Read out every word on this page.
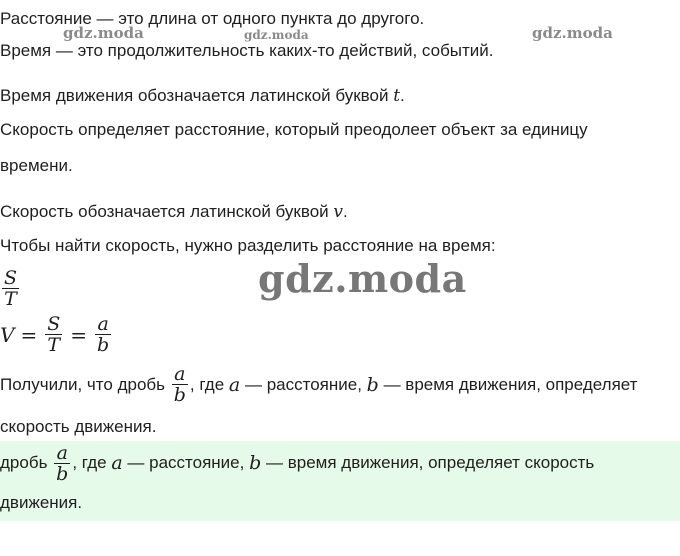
gdz.moda	gdz.moda	gdz.moda
gdz.moda
Расстояние — это длина от одного пункта до другого.
Время — это продолжительность каких-то действий, событий.
Время движения обозначается латинской буквой t.
Скорость определяет расстояние, который преодолеет объект за единицу
времени.
Скорость обозначается латинской буквой v.
Чтобы найти скорость, нужно разделить расстояние на время:
$\frac{S}{T}$
$V = \frac{S}{T} = \frac{a}{b}$
Получили, что дробь
$\frac{a}{b}$ , где
a
— расстояние,
b
— время движения, определяет
скорость движения.
дробь
$\frac{a}{b}$ , где
a
— расстояние,
b
— время движения, определяет скорость
движения.
